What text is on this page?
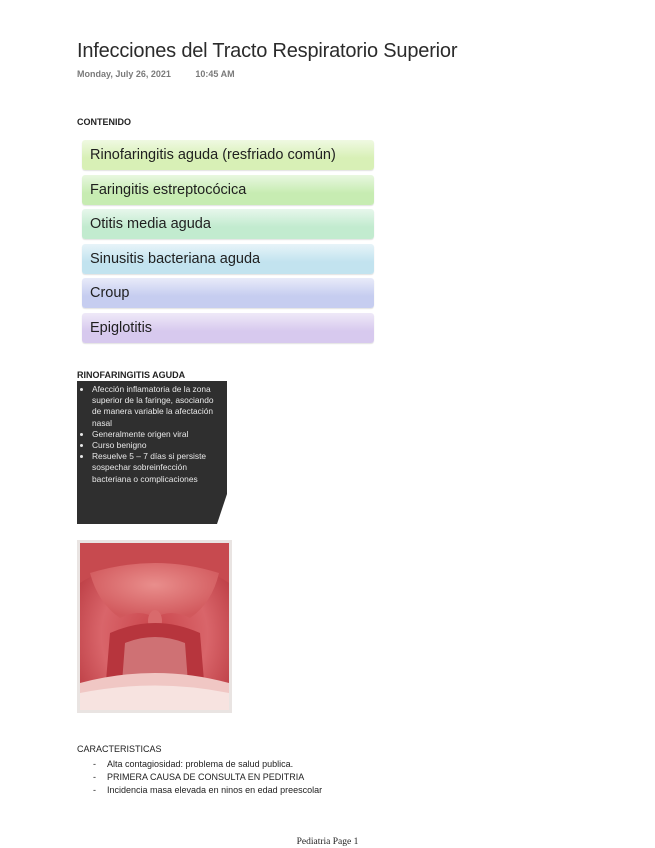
Infecciones del Tracto Respiratorio Superior
Monday, July 26, 2021	10:45 AM
CONTENIDO
Rinofaringitis aguda (resfriado común)
Faringitis estreptocócica
Otitis media aguda
Sinusitis bacteriana aguda
Croup
Epiglotitis
RINOFARINGITIS AGUDA
• Afección inflamatoria de la zona superior de la faringe, asociando de manera variable la afectación nasal
• Generalmente origen viral
• Curso benigno
• Resuelve 5 – 7 días si persiste sospechar sobreinfección bacteriana o complicaciones
CARACTERISTICAS
- Alta contagiosidad: problema de salud publica.
- PRIMERA CAUSA DE CONSULTA EN PEDITRIA
- Incidencia masa elevada en ninos en edad preescolar
Pediatria Page 1
